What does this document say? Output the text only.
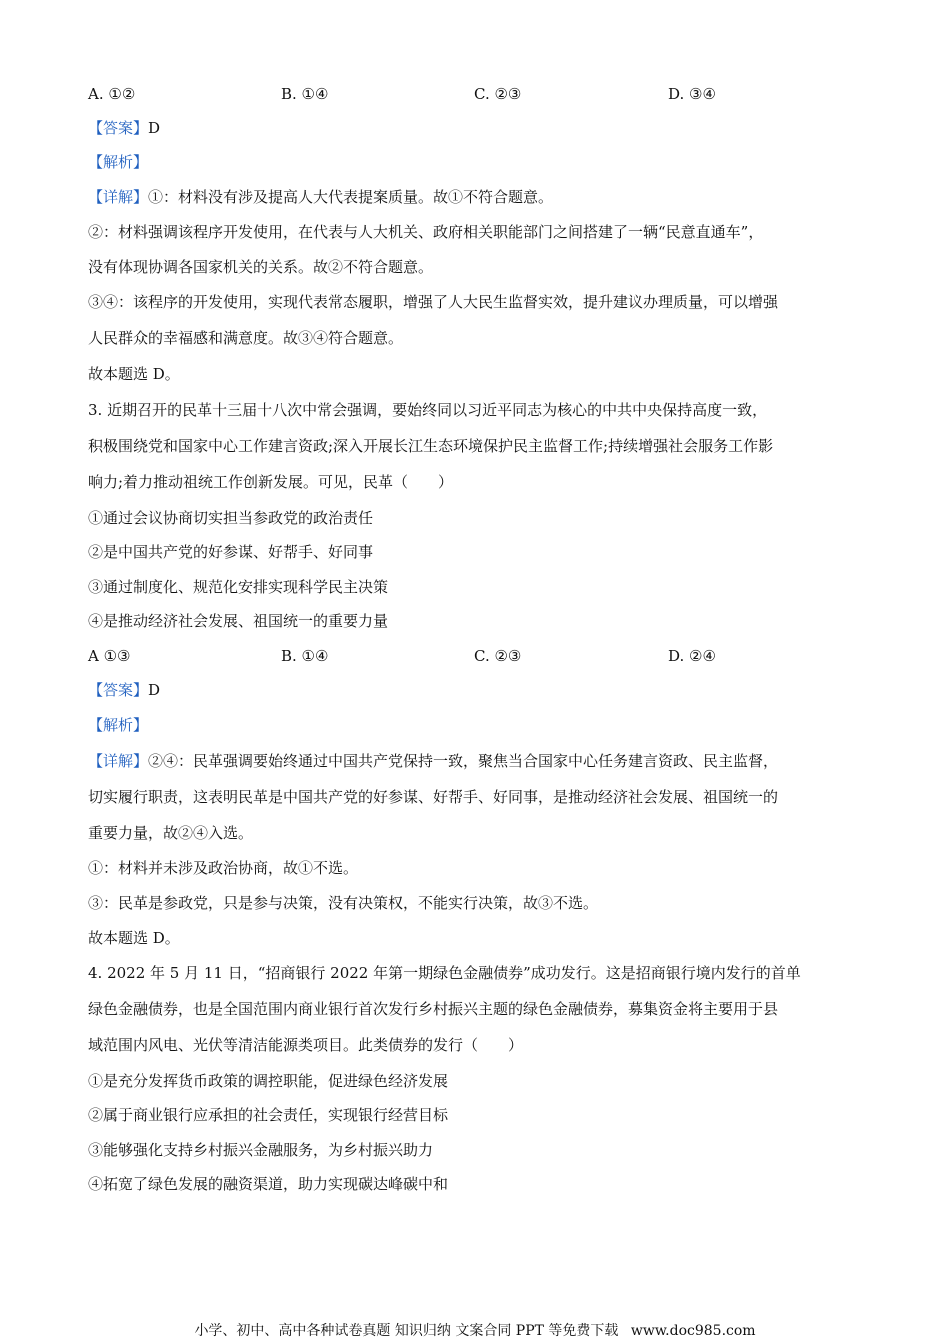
A. ①②	B. ①④	C. ②③	D. ③④
【答案】D
【解析】
【详解】①：材料没有涉及提高人大代表提案质量。故①不符合题意。
②：材料强调该程序开发使用，在代表与人大机关、政府相关职能部门之间搭建了一辆“民意直通车”，
没有体现协调各国家机关的关系。故②不符合题意。
③④：该程序的开发使用，实现代表常态履职，增强了人大民生监督实效，提升建议办理质量，可以增强
人民群众的幸福感和满意度。故③④符合题意。
故本题选 D。
3. 近期召开的民革十三届十八次中常会强调，要始终同以习近平同志为核心的中共中央保持高度一致，
积极围绕党和国家中心工作建言资政;深入开展长江生态环境保护民主监督工作;持续增强社会服务工作影
响力;着力推动祖统工作创新发展。可见，民革（　　）
①通过会议协商切实担当参政党的政治责任
②是中国共产党的好参谋、好帮手、好同事
③通过制度化、规范化安排实现科学民主决策
④是推动经济社会发展、祖国统一的重要力量
A ①③	B. ①④	C. ②③	D. ②④
【答案】D
【解析】
【详解】②④：民革强调要始终通过中国共产党保持一致，聚焦当合国家中心任务建言资政、民主监督，
切实履行职责，这表明民革是中国共产党的好参谋、好帮手、好同事，是推动经济社会发展、祖国统一的
重要力量，故②④入选。
①：材料并未涉及政治协商，故①不选。
③：民革是参政党，只是参与决策，没有决策权，不能实行决策，故③不选。
故本题选 D。
4. 2022 年 5 月 11 日，“招商银行 2022 年第一期绿色金融债券”成功发行。这是招商银行境内发行的首单
绿色金融债券，也是全国范围内商业银行首次发行乡村振兴主题的绿色金融债券，募集资金将主要用于县
域范围内风电、光伏等清洁能源类项目。此类债券的发行（　　）
①是充分发挥货币政策的调控职能，促进绿色经济发展
②属于商业银行应承担的社会责任，实现银行经营目标
③能够强化支持乡村振兴金融服务，为乡村振兴助力
④拓宽了绿色发展的融资渠道，助力实现碳达峰碳中和
小学、初中、高中各种试卷真题 知识归纳 文案合同 PPT 等免费下载 www.doc985.com
